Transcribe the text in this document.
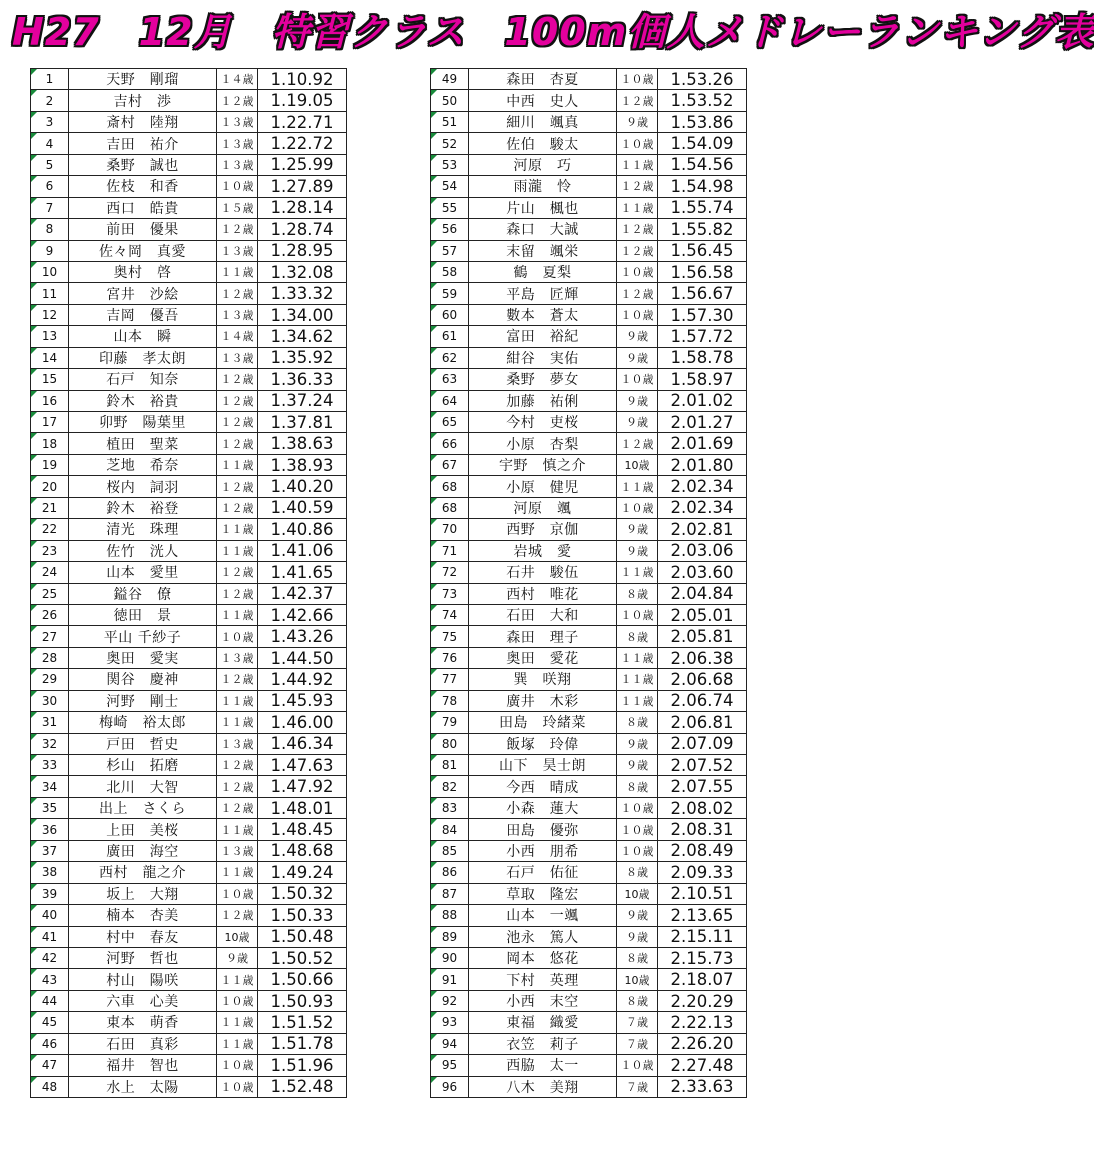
H27　12月　特習クラス　100m個人メドレーランキング表
1	天野　剛瑠	１４歳	1.10.92
2	吉村　渉	１２歳	1.19.05
3	斎村　陸翔	１３歳	1.22.71
4	吉田　祐介	１３歳	1.22.72
5	桑野　誠也	１３歳	1.25.99
6	佐枝　和香	１０歳	1.27.89
7	西口　皓貴	１５歳	1.28.14
8	前田　優果	１２歳	1.28.74
9	佐々岡　真愛	１３歳	1.28.95
10	奥村　啓	１１歳	1.32.08
11	宮井　沙絵	１２歳	1.33.32
12	吉岡　優吾	１３歳	1.34.00
13	山本　瞬	１４歳	1.34.62
14	印藤　孝太朗	１３歳	1.35.92
15	石戸　知奈	１２歳	1.36.33
16	鈴木　裕貴	１２歳	1.37.24
17	卯野　陽葉里	１２歳	1.37.81
18	植田　聖菜	１２歳	1.38.63
19	芝地　希奈	１１歳	1.38.93
20	桜内　詞羽	１２歳	1.40.20
21	鈴木　裕登	１２歳	1.40.59
22	清光　珠理	１１歳	1.40.86
23	佐竹　洸人	１１歳	1.41.06
24	山本　愛里	１２歳	1.41.65
25	鎰谷　僚	１２歳	1.42.37
26	徳田　景	１１歳	1.42.66
27	平山 千紗子	１０歳	1.43.26
28	奥田　愛実	１３歳	1.44.50
29	関谷　慶神	１２歳	1.44.92
30	河野　剛士	１１歳	1.45.93
31	梅崎　裕太郎	１１歳	1.46.00
32	戸田　哲史	１３歳	1.46.34
33	杉山　拓磨	１２歳	1.47.63
34	北川　大智	１２歳	1.47.92
35	出上　さくら	１２歳	1.48.01
36	上田　美桜	１１歳	1.48.45
37	廣田　海空	１３歳	1.48.68
38	西村　龍之介	１１歳	1.49.24
39	坂上　大翔	１０歳	1.50.32
40	楠本　杏美	１２歳	1.50.33
41	村中　春友	10歳	1.50.48
42	河野　哲也	９歳	1.50.52
43	村山　陽咲	１１歳	1.50.66
44	六車　心美	１０歳	1.50.93
45	東本　萌香	１１歳	1.51.52
46	石田　真彩	１１歳	1.51.78
47	福井　智也	１０歳	1.51.96
48	水上　太陽	１０歳	1.52.48
49	森田　杏夏	１０歳	1.53.26
50	中西　史人	１２歳	1.53.52
51	細川　颯真	９歳	1.53.86
52	佐伯　駿太	１０歳	1.54.09
53	河原　巧	１１歳	1.54.56
54	雨瀧　怜	１２歳	1.54.98
55	片山　楓也	１１歳	1.55.74
56	森口　大誠	１２歳	1.55.82
57	末留　颯栄	１２歳	1.56.45
58	鶴　夏梨	１０歳	1.56.58
59	平島　匠輝	１２歳	1.56.67
60	數本　蒼太	１０歳	1.57.30
61	富田　裕紀	９歳	1.57.72
62	紺谷　実佑	９歳	1.58.78
63	桑野　夢女	１０歳	1.58.97
64	加藤　祐俐	９歳	2.01.02
65	今村　吏桜	９歳	2.01.27
66	小原　杏梨	１２歳	2.01.69
67	宇野　慎之介	10歳	2.01.80
68	小原　健児	１１歳	2.02.34
68	河原　颯	１０歳	2.02.34
70	西野　京伽	９歳	2.02.81
71	岩城　愛	９歳	2.03.06
72	石井　駿伍	１１歳	2.03.60
73	西村　唯花	８歳	2.04.84
74	石田　大和	１０歳	2.05.01
75	森田　理子	８歳	2.05.81
76	奥田　愛花	１１歳	2.06.38
77	巽　咲翔	１１歳	2.06.68
78	廣井　木彩	１１歳	2.06.74
79	田島　玲緒菜	８歳	2.06.81
80	飯塚　玲偉	９歳	2.07.09
81	山下　昊士朗	９歳	2.07.52
82	今西　晴成	８歳	2.07.55
83	小森　蓮大	１０歳	2.08.02
84	田島　優弥	１０歳	2.08.31
85	小西　朋希	１０歳	2.08.49
86	石戸　佑征	８歳	2.09.33
87	草取　隆宏	10歳	2.10.51
88	山本　一颯	９歳	2.13.65
89	池永　篤人	９歳	2.15.11
90	岡本　悠花	８歳	2.15.73
91	下村　英理	10歳	2.18.07
92	小西　末空	８歳	2.20.29
93	東福　織愛	７歳	2.22.13
94	衣笠　莉子	７歳	2.26.20
95	西脇　太一	１０歳	2.27.48
96	八木　美翔	７歳	2.33.63
